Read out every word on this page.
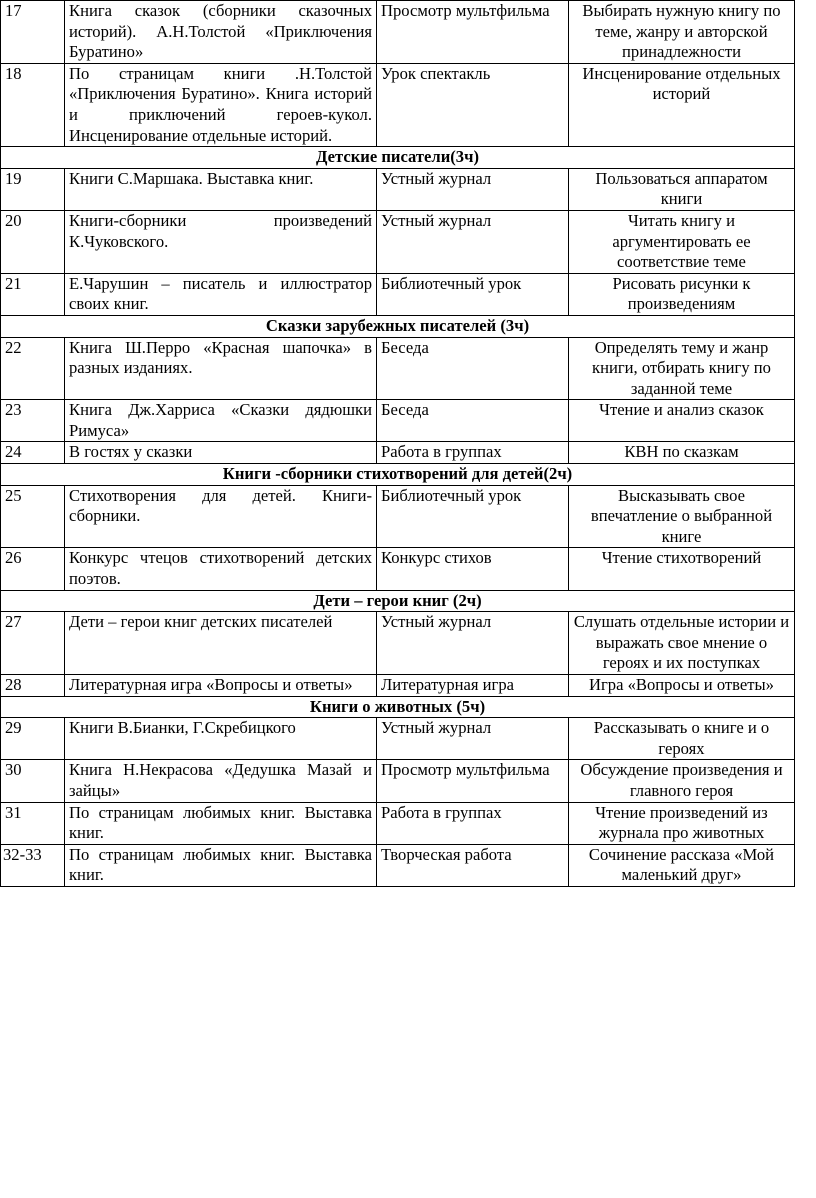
17	Книга сказок (сборники сказочных историй). А.Н.Толстой «Приключения Буратино»	Просмотр мультфильма	Выбирать нужную книгу по теме, жанру и авторской принадлежности
18	По страницам книги .Н.Толстой «Приключения Буратино». Книга историй и приключений героев-кукол. Инсценирование отдельные историй.	Урок спектакль	Инсценирование отдельных историй
Детские писатели(3ч)			
19	Книги С.Маршака. Выставка книг.	Устный журнал	Пользоваться аппаратом книги
20	Книги-сборники произведений К.Чуковского.	Устный журнал	Читать книгу и аргументировать ее соответствие теме
21	Е.Чарушин – писатель и иллюстратор своих книг.	Библиотечный урок	Рисовать рисунки к произведениям
Сказки зарубежных писателей (3ч)			
22	Книга Ш.Перро «Красная шапочка» в разных изданиях.	Беседа	Определять тему и жанр книги, отбирать книгу по заданной теме
23	Книга Дж.Харриса «Сказки дядюшки Римуса»	Беседа	Чтение и анализ сказок
24	В гостях у сказки	Работа в группах	КВН по сказкам
Книги -сборники стихотворений для детей(2ч)			
25	Стихотворения для детей. Книги-сборники.	Библиотечный урок	Высказывать свое впечатление о выбранной книге
26	Конкурс чтецов стихотворений детских поэтов.	Конкурс стихов	Чтение стихотворений
Дети – герои книг (2ч)			
27	Дети – герои книг детских писателей	Устный журнал	Слушать отдельные истории и выражать свое мнение о героях и их поступках
28	Литературная игра «Вопросы и ответы»	Литературная игра	Игра «Вопросы и ответы»
Книги о животных (5ч)			
29	Книги В.Бианки, Г.Скребицкого	Устный журнал	Рассказывать о книге и о героях
30	Книга Н.Некрасова «Дедушка Мазай и зайцы»	Просмотр мультфильма	Обсуждение произведения и главного героя
31	По страницам любимых книг. Выставка книг.	Работа в группах	Чтение произведений из журнала про животных
32-33	По страницам любимых книг. Выставка книг.	Творческая работа	Сочинение рассказа «Мой маленький друг»
